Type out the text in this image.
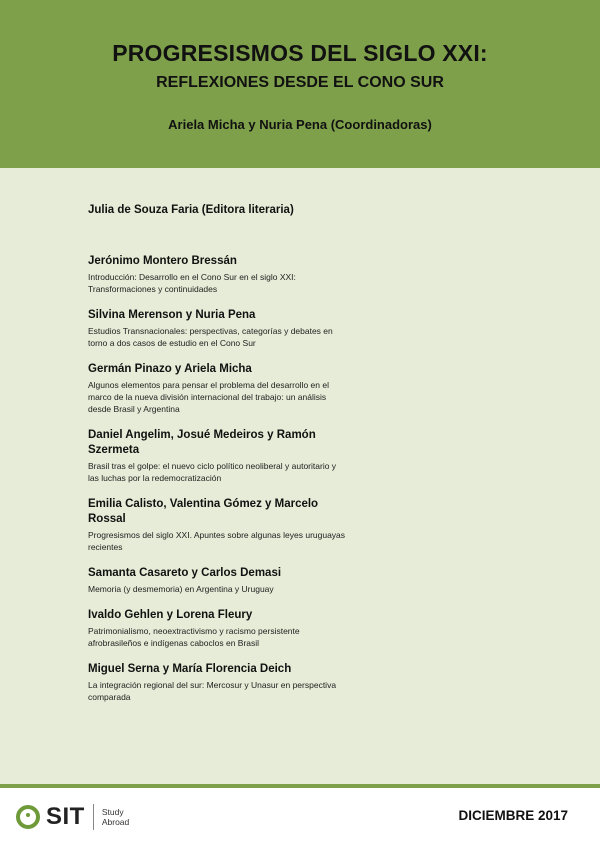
PROGRESISMOS DEL SIGLO XXI:
REFLEXIONES DESDE EL CONO SUR
Ariela Micha y Nuria Pena (Coordinadoras)
Julia de Souza Faria (Editora literaria)
Jerónimo Montero Bressán
Introducción: Desarrollo en el Cono Sur en el siglo XXI: Transformaciones y continuidades
Silvina Merenson y Nuria Pena
Estudios Transnacionales: perspectivas, categorías y debates en torno a dos casos de estudio en el Cono Sur
Germán Pinazo y Ariela Micha
Algunos elementos para pensar el problema del desarrollo en el marco de la nueva división internacional del trabajo: un análisis desde Brasil y Argentina
Daniel Angelim, Josué Medeiros y Ramón Szermeta
Brasil tras el golpe: el nuevo ciclo político neoliberal y autoritario y las luchas por la redemocratización
Emilia Calisto, Valentina Gómez y Marcelo Rossal
Progresismos del siglo XXI. Apuntes sobre algunas leyes uruguayas recientes
Samanta Casareto y Carlos Demasi
Memoria (y desmemoria) en Argentina y Uruguay
Ivaldo Gehlen y Lorena Fleury
Patrimonialismo, neoextractivismo y racismo persistente afrobrasileños e indígenas caboclos en Brasil
Miguel Serna y María Florencia Deich
La integración regional del sur: Mercosur y Unasur en perspectiva comparada
SIT Study
Abroad	DICIEMBRE 2017
